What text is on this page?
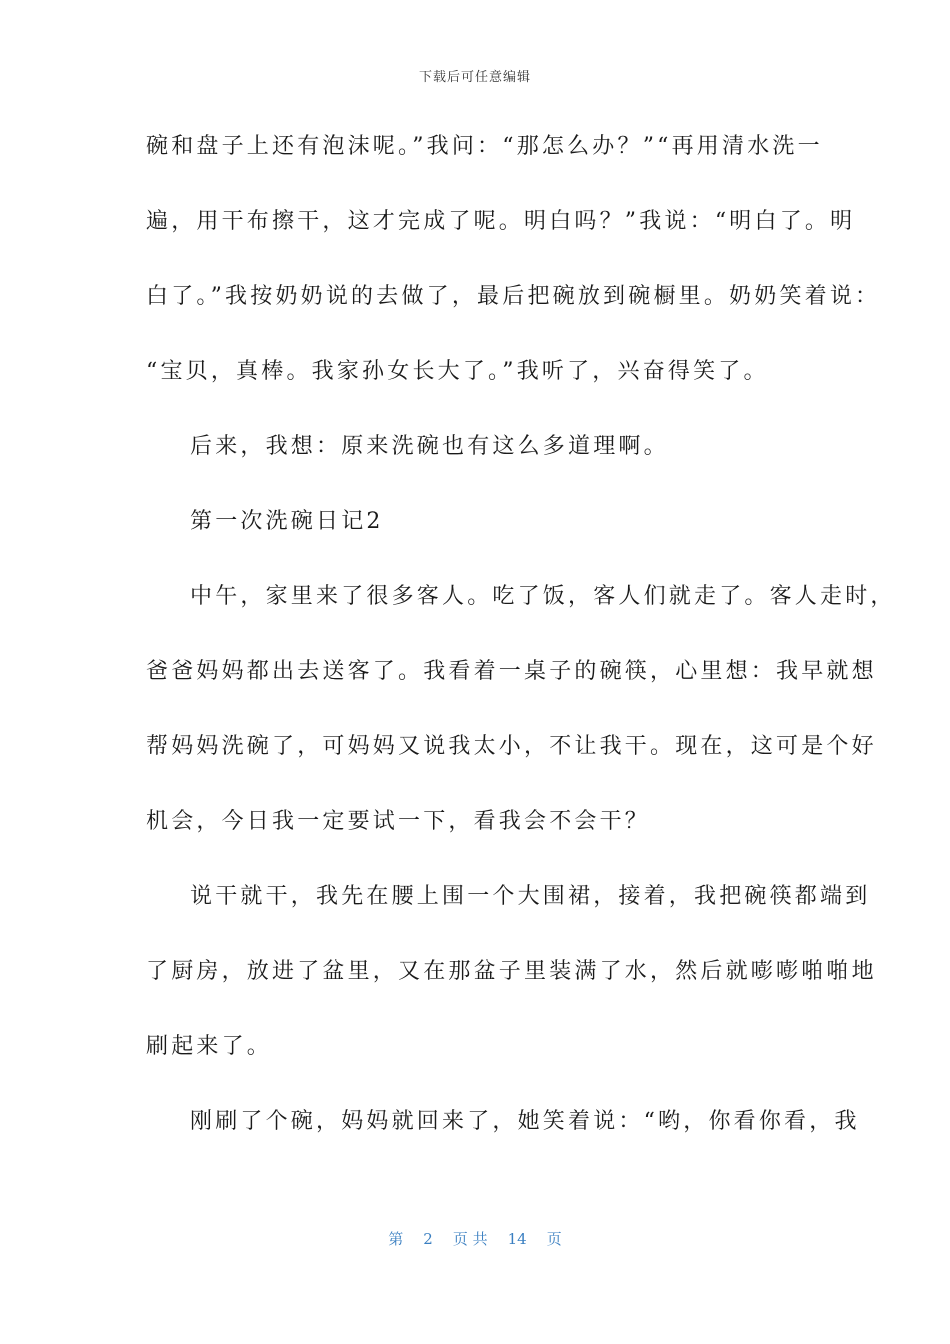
下载后可任意编辑
碗和盘子上还有泡沫呢。”我问：“那怎么办？”“再用清水洗一
遍，用干布擦干，这才完成了呢。明白吗？”我说：“明白了。明
白了。”我按奶奶说的去做了，最后把碗放到碗橱里。奶奶笑着说：
“宝贝，真棒。我家孙女长大了。”我听了，兴奋得笑了。
后来，我想：原来洗碗也有这么多道理啊。
第一次洗碗日记2
中午，家里来了很多客人。吃了饭，客人们就走了。客人走时，
爸爸妈妈都出去送客了。我看着一桌子的碗筷，心里想：我早就想
帮妈妈洗碗了，可妈妈又说我太小，不让我干。现在，这可是个好
机会，今日我一定要试一下，看我会不会干？
说干就干，我先在腰上围一个大围裙，接着，我把碗筷都端到
了厨房，放进了盆里，又在那盆子里装满了水，然后就嘭嘭啪啪地
刷起来了。
刚刷了个碗，妈妈就回来了，她笑着说：“哟，你看你看，我
第 2 页 共 14 页
